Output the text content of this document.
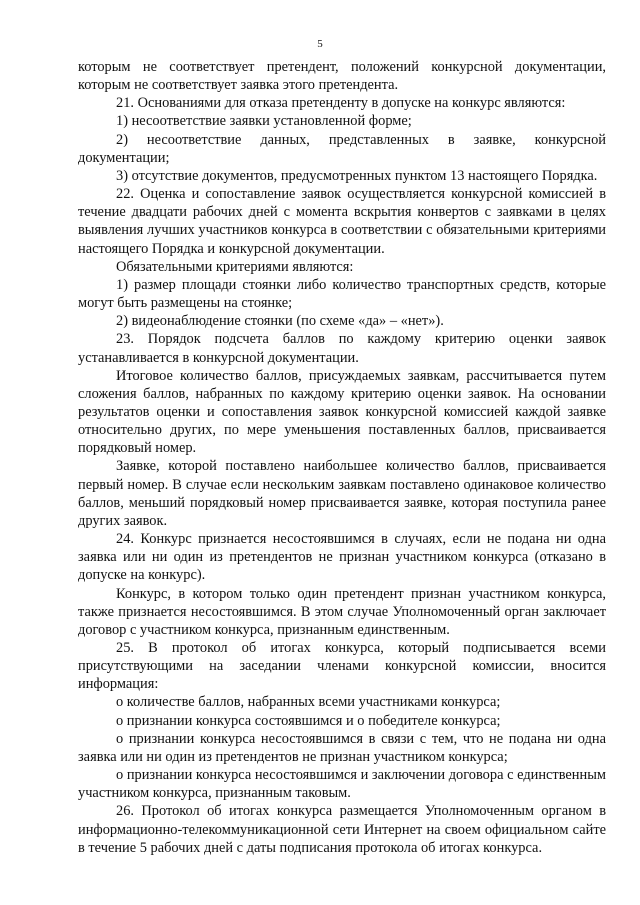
5

которым не соответствует претендент, положений конкурсной документации, которым не соответствует заявка этого претендента.

21. Основаниями для отказа претенденту в допуске на конкурс являются:

1) несоответствие заявки установленной форме;

2) несоответствие данных, представленных в заявке, конкурсной документации;

3) отсутствие документов, предусмотренных пунктом 13 настоящего Порядка.

22. Оценка и сопоставление заявок осуществляется конкурсной комиссией в течение двадцати рабочих дней с момента вскрытия конвертов с заявками в целях выявления лучших участников конкурса в соответствии с обязательными критериями настоящего Порядка и конкурсной документации.

Обязательными критериями являются:

1) размер площади стоянки либо количество транспортных средств, которые могут быть размещены на стоянке;

2) видеонаблюдение стоянки (по схеме «да» – «нет»).

23. Порядок подсчета баллов по каждому критерию оценки заявок устанавливается в конкурсной документации.

Итоговое количество баллов, присуждаемых заявкам, рассчитывается путем сложения баллов, набранных по каждому критерию оценки заявок. На основании результатов оценки и сопоставления заявок конкурсной комиссией каждой заявке относительно других, по мере уменьшения поставленных баллов, присваивается порядковый номер.

Заявке, которой поставлено наибольшее количество баллов, присваивается первый номер. В случае если нескольким заявкам поставлено одинаковое количество баллов, меньший порядковый номер присваивается заявке, которая поступила ранее других заявок.

24. Конкурс признается несостоявшимся в случаях, если не подана ни одна заявка или ни один из претендентов не признан участником конкурса (отказано в допуске на конкурс).

Конкурс, в котором только один претендент признан участником конкурса, также признается несостоявшимся. В этом случае Уполномоченный орган заключает договор с участником конкурса, признанным единственным.

25. В протокол об итогах конкурса, который подписывается всеми присутствующими на заседании членами конкурсной комиссии, вносится информация:

о количестве баллов, набранных всеми участниками конкурса;

о признании конкурса состоявшимся и о победителе конкурса;

о признании конкурса несостоявшимся в связи с тем, что не подана ни одна заявка или ни один из претендентов не признан участником конкурса;

о признании конкурса несостоявшимся и заключении договора с единственным участником конкурса, признанным таковым.

26. Протокол об итогах конкурса размещается Уполномоченным органом в информационно-телекоммуникационной сети Интернет на своем официальном сайте в течение 5 рабочих дней с даты подписания протокола об итогах конкурса.
